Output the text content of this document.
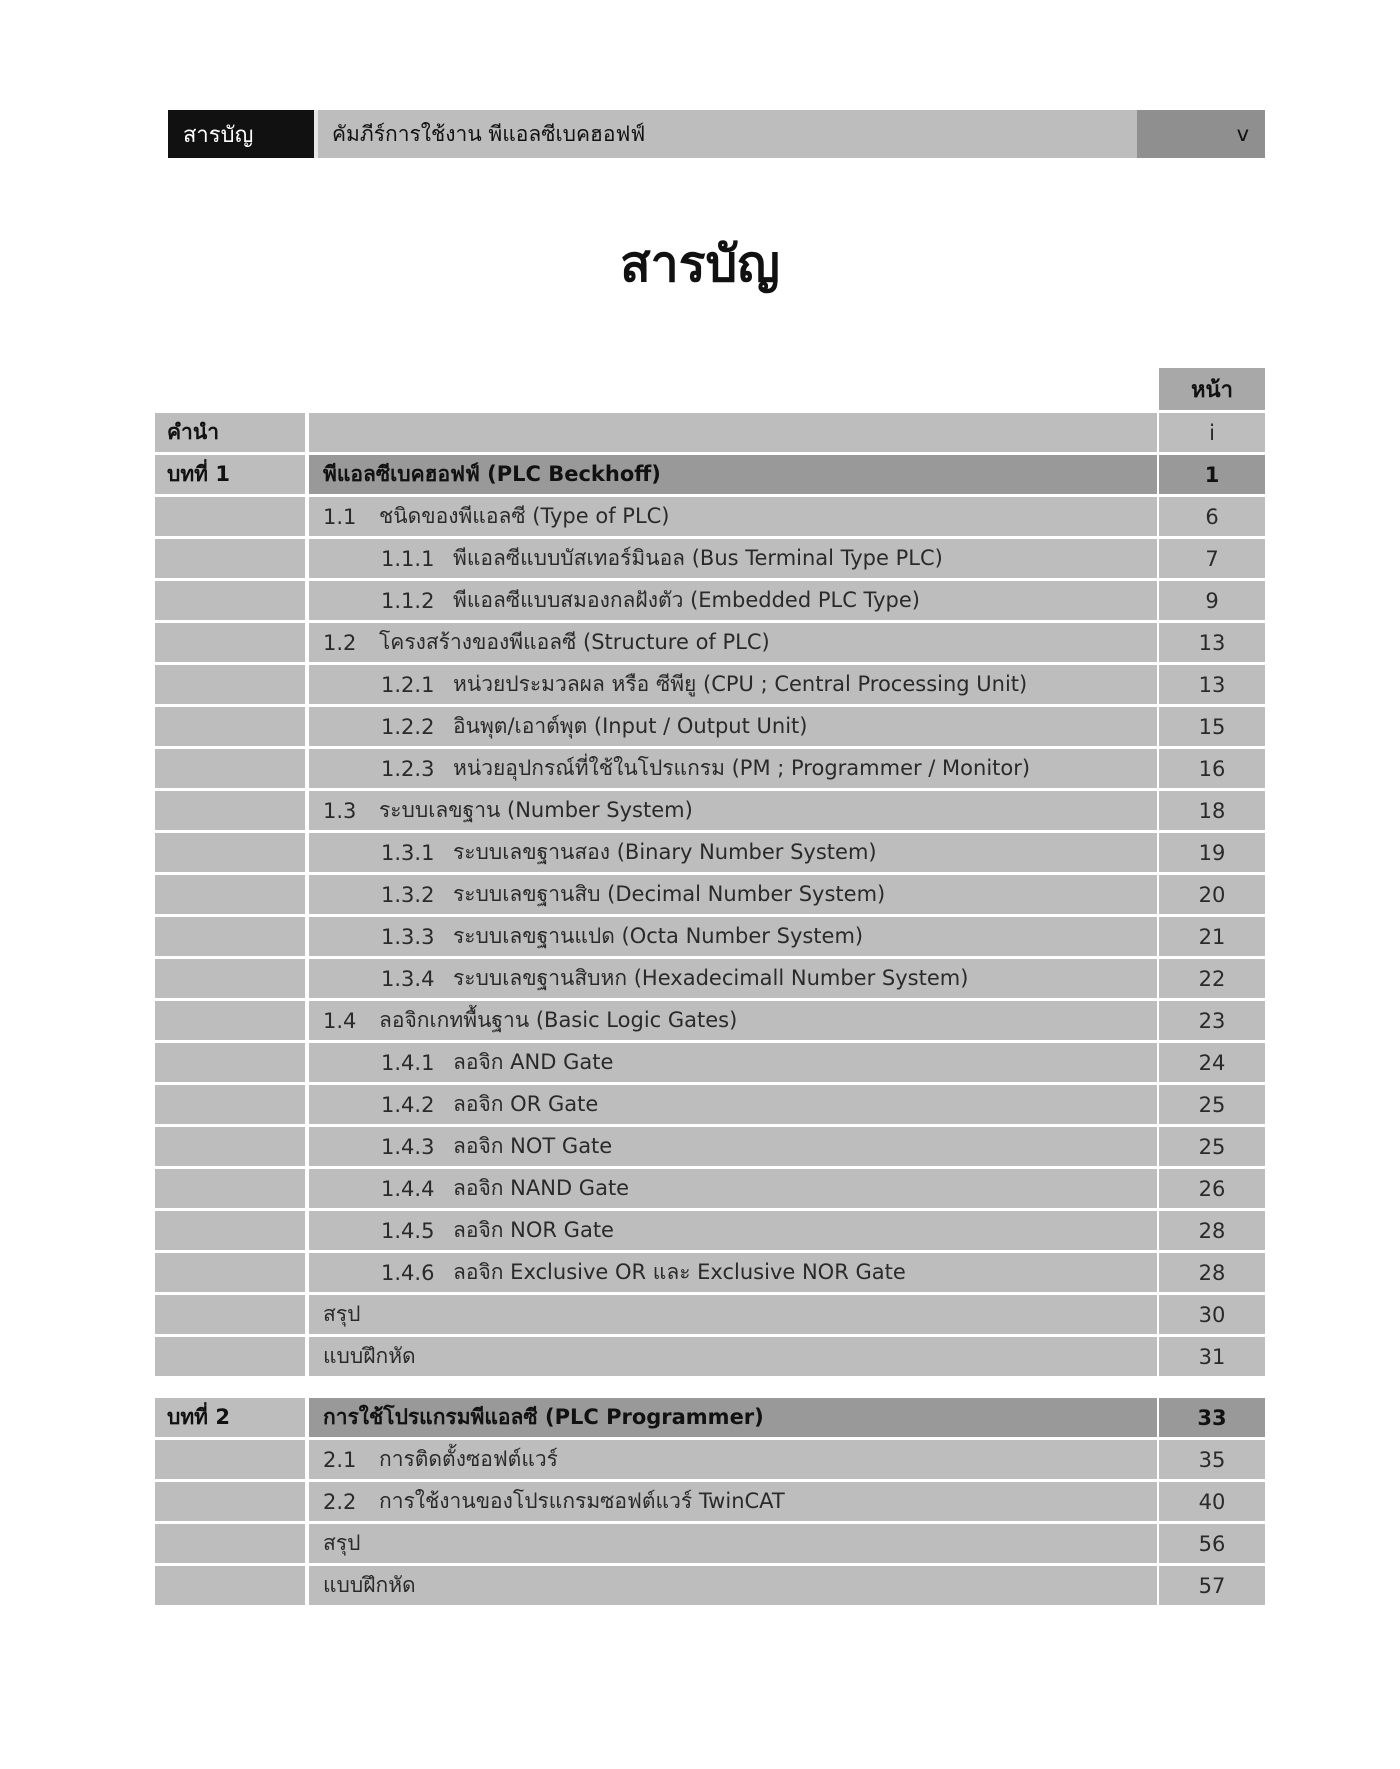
สารบัญ	คัมภีร์การใช้งาน พีแอลซีเบคฮอฟฟ์	v
สารบัญ
หน้า
คำนำ	i
บทที่ 1	พีแอลซีเบคฮอฟฟ์ (PLC Beckhoff)	1
1.1	ชนิดของพีแอลซี (Type of PLC)	6
1.1.1 พีแอลซีแบบบัสเทอร์มินอล (Bus Terminal Type PLC)	7
1.1.2 พีแอลซีแบบสมองกลฝังตัว (Embedded PLC Type)	9
1.2	โครงสร้างของพีแอลซี (Structure of PLC)	13
1.2.1 หน่วยประมวลผล หรือ ซีพียู (CPU ; Central Processing Unit)	13
1.2.2 อินพุต/เอาต์พุต (Input / Output Unit)	15
1.2.3 หน่วยอุปกรณ์ที่ใช้ในโปรแกรม (PM ; Programmer / Monitor)	16
1.3	ระบบเลขฐาน (Number System)	18
1.3.1 ระบบเลขฐานสอง (Binary Number System)	19
1.3.2 ระบบเลขฐานสิบ (Decimal Number System)	20
1.3.3 ระบบเลขฐานแปด (Octa Number System)	21
1.3.4 ระบบเลขฐานสิบหก (Hexadecimall Number System)	22
1.4	ลอจิกเกทพื้นฐาน (Basic Logic Gates)	23
1.4.1 ลอจิก AND Gate	24
1.4.2 ลอจิก OR Gate	25
1.4.3 ลอจิก NOT Gate	25
1.4.4 ลอจิก NAND Gate	26
1.4.5 ลอจิก NOR Gate	28
1.4.6 ลอจิก Exclusive OR และ Exclusive NOR Gate	28
สรุป	30
แบบฝึกหัด	31
บทที่ 2	การใช้โปรแกรมพีแอลซี (PLC Programmer)	33
2.1	การติดตั้งซอฟต์แวร์	35
2.2	การใช้งานของโปรแกรมซอฟต์แวร์ TwinCAT	40
สรุป	56
แบบฝึกหัด	57
